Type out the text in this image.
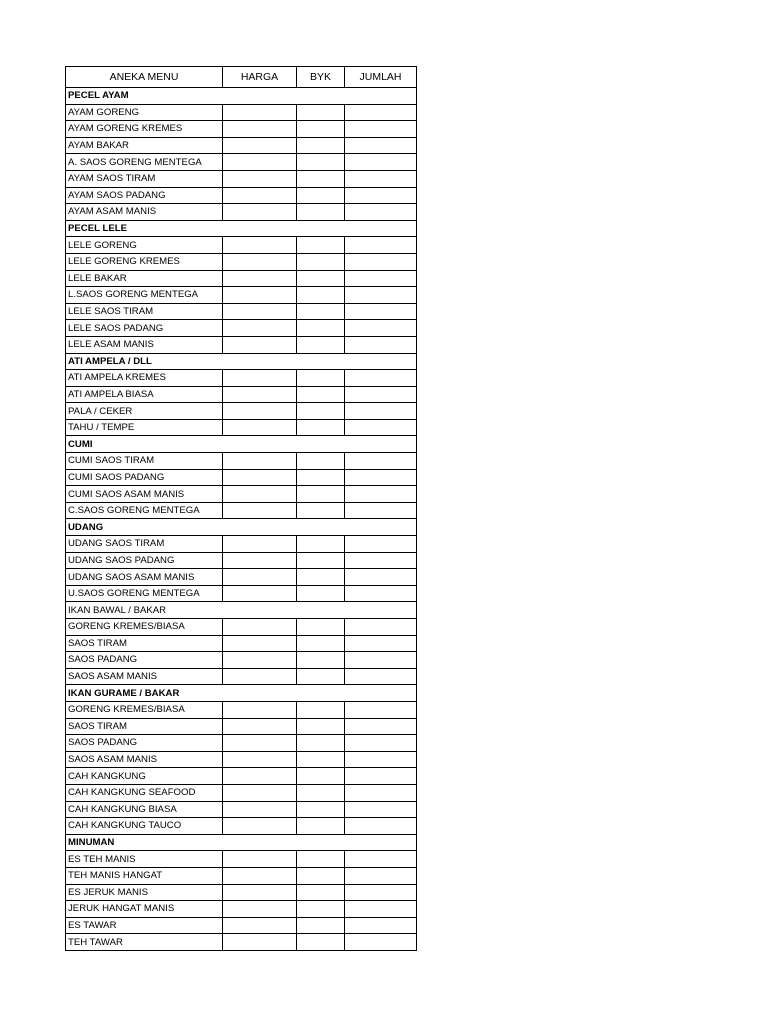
ANEKA MENU	HARGA	BYK	JUMLAH
PECEL AYAM			
AYAM GORENG			
AYAM GORENG KREMES			
AYAM BAKAR			
A. SAOS GORENG MENTEGA			
AYAM SAOS TIRAM			
AYAM SAOS PADANG			
AYAM ASAM MANIS			
PECEL LELE			
LELE GORENG			
LELE GORENG KREMES			
LELE BAKAR			
L.SAOS GORENG MENTEGA			
LELE SAOS TIRAM			
LELE SAOS PADANG			
LELE ASAM MANIS			
ATI AMPELA / DLL			
ATI AMPELA KREMES			
ATI AMPELA BIASA			
PALA / CEKER			
TAHU / TEMPE			
CUMI			
CUMI SAOS TIRAM			
CUMI SAOS PADANG			
CUMI SAOS ASAM MANIS			
C.SAOS GORENG MENTEGA			
UDANG			
UDANG SAOS TIRAM			
UDANG SAOS PADANG			
UDANG SAOS ASAM MANIS			
U.SAOS GORENG MENTEGA			
IKAN BAWAL / BAKAR			
GORENG KREMES/BIASA			
SAOS TIRAM			
SAOS PADANG			
SAOS ASAM MANIS			
IKAN GURAME / BAKAR			
GORENG KREMES/BIASA			
SAOS TIRAM			
SAOS PADANG			
SAOS ASAM MANIS			
CAH KANGKUNG			
CAH KANGKUNG SEAFOOD			
CAH KANGKUNG BIASA			
CAH KANGKUNG TAUCO			
MINUMAN			
ES TEH MANIS			
TEH MANIS HANGAT			
ES JERUK MANIS			
JERUK HANGAT MANIS			
ES TAWAR			
TEH TAWAR			
